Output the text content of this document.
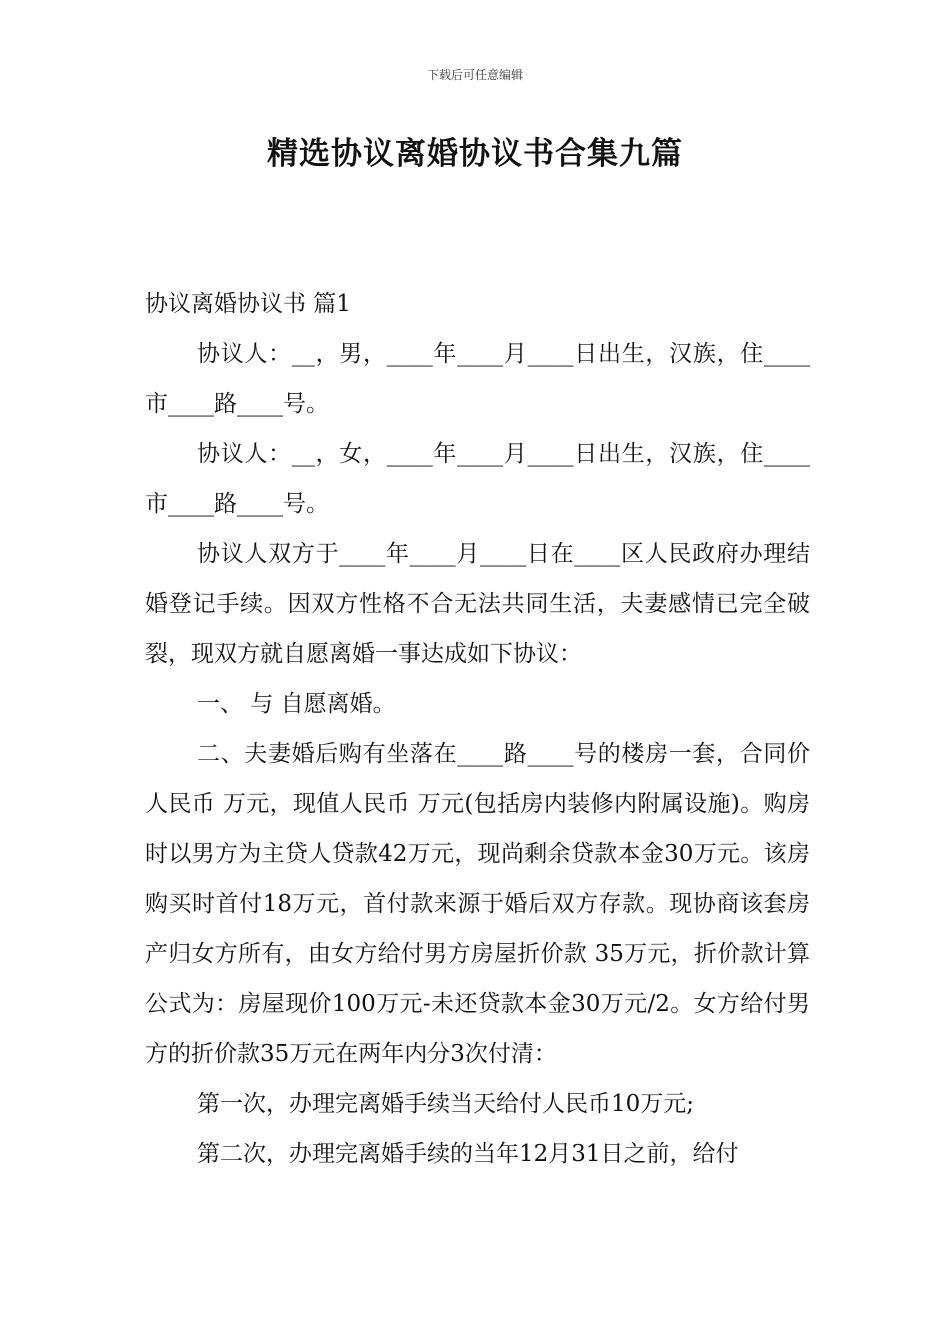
下载后可任意编辑
精选协议离婚协议书合集九篇

协议离婚协议书 篇1

协议人：__，男，____年____月____日出生，汉族，住____市____路____号。

协议人：__，女，____年____月____日出生，汉族，住____市____路____号。

协议人双方于____年____月____日在____区人民政府办理结婚登记手续。因双方性格不合无法共同生活，夫妻感情已完全破裂，现双方就自愿离婚一事达成如下协议：

一、 与 自愿离婚。

二、夫妻婚后购有坐落在____路____号的楼房一套，合同价人民币 万元，现值人民币 万元(包括房内装修内附属设施)。购房时以男方为主贷人贷款42万元，现尚剩余贷款本金30万元。该房购买时首付18万元，首付款来源于婚后双方存款。现协商该套房产归女方所有，由女方给付男方房屋折价款 35万元，折价款计算公式为：房屋现价100万元-未还贷款本金30万元/2。女方给付男方的折价款35万元在两年内分3次付清：

第一次，办理完离婚手续当天给付人民币10万元;

第二次，办理完离婚手续的当年12月31日之前，给付
